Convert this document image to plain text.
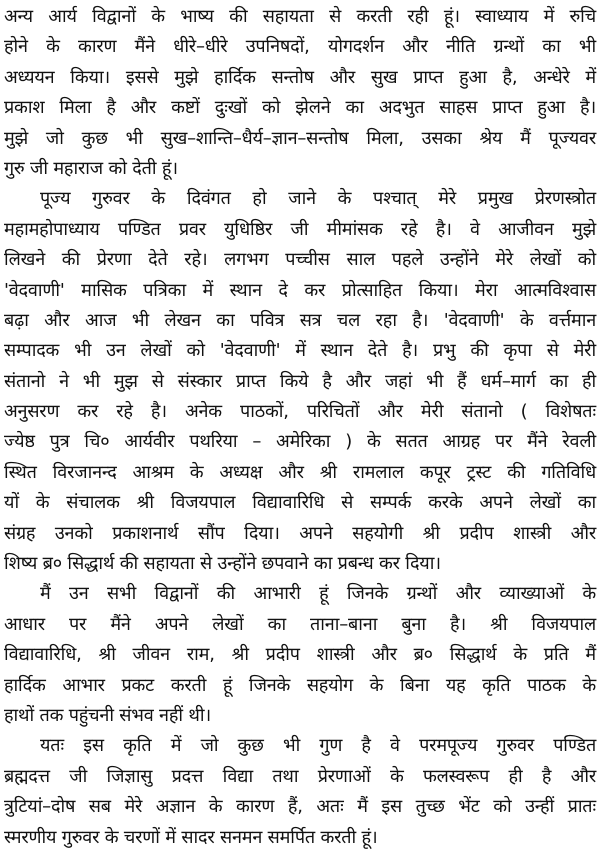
अन्य आर्य विद्वानों के भाष्य की सहायता से करती रही हूं। स्वाध्याय में रुचि
होने के कारण मैंने धीरे–धीरे उपनिषदों, योगदर्शन और नीति ग्रन्थों का भी
अध्ययन किया। इससे मुझे हार्दिक सन्तोष और सुख प्राप्त हुआ है, अन्धेरे में
प्रकाश मिला है और कष्टों दुःखों को झेलने का अदभुत साहस प्राप्त हुआ है।
मुझे जो कुछ भी सुख–शान्ति–धैर्य–ज्ञान–सन्तोष मिला, उसका श्रेय मैं पूज्यवर
गुरु जी महाराज को देती हूं।
पूज्य गुरुवर के दिवंगत हो जाने के पश्चात् मेरे प्रमुख प्रेरणस्त्रोत
महामहोपाध्याय पण्डित प्रवर युधिष्ठिर जी मीमांसक रहे है। वे आजीवन मुझे
लिखने की प्रेरणा देते रहे। लगभग पच्चीस साल पहले उन्होंने मेरे लेखों को
'वेदवाणी' मासिक पत्रिका में स्थान दे कर प्रोत्साहित किया। मेरा आत्मविश्वास
बढ़ा और आज भी लेखन का पवित्र सत्र चल रहा है। 'वेदवाणी' के वर्त्तमान
सम्पादक भी उन लेखों को 'वेदवाणी' में स्थान देते है। प्रभु की कृपा से मेरी
संतानो ने भी मुझ से संस्कार प्राप्त किये है और जहां भी हैं धर्म–मार्ग का ही
अनुसरण कर रहे है। अनेक पाठकों, परिचितों और मेरी संतानो ( विशेषतः
ज्येष्ठ पुत्र चि० आर्यवीर पथरिया – अमेरिका ) के सतत आग्रह पर मैंने रेवली
स्थित विरजानन्द आश्रम के अध्यक्ष और श्री रामलाल कपूर ट्रस्ट की गतिविधि
यों के संचालक श्री विजयपाल विद्यावारिधि से सम्पर्क करके अपने लेखों का
संग्रह उनको प्रकाशनार्थ सौंप दिया। अपने सहयोगी श्री प्रदीप शास्त्री और
शिष्य ब्र० सिद्धार्थ की सहायता से उन्होंने छपवाने का प्रबन्ध कर दिया।
मैं उन सभी विद्वानों की आभारी हूं जिनके ग्रन्थों और व्याख्याओं के
आधार पर मैंने अपने लेखों का ताना–बाना बुना है। श्री विजयपाल
विद्यावारिधि, श्री जीवन राम, श्री प्रदीप शास्त्री और ब्र० सिद्धार्थ के प्रति मैं
हार्दिक आभार प्रकट करती हूं जिनके सहयोग के बिना यह कृति पाठक के
हाथों तक पहुंचनी संभव नहीं थी।
यतः इस कृति में जो कुछ भी गुण है वे परमपूज्य गुरुवर पण्डित
ब्रह्मदत्त जी जिज्ञासु प्रदत्त विद्या तथा प्रेरणाओं के फलस्वरूप ही है और
त्रुटियां–दोष सब मेरे अज्ञान के कारण हैं, अतः मैं इस तुच्छ भेंट को उन्हीं प्रातः
स्मरणीय गुरुवर के चरणों में सादर सनमन समर्पित करती हूं।
